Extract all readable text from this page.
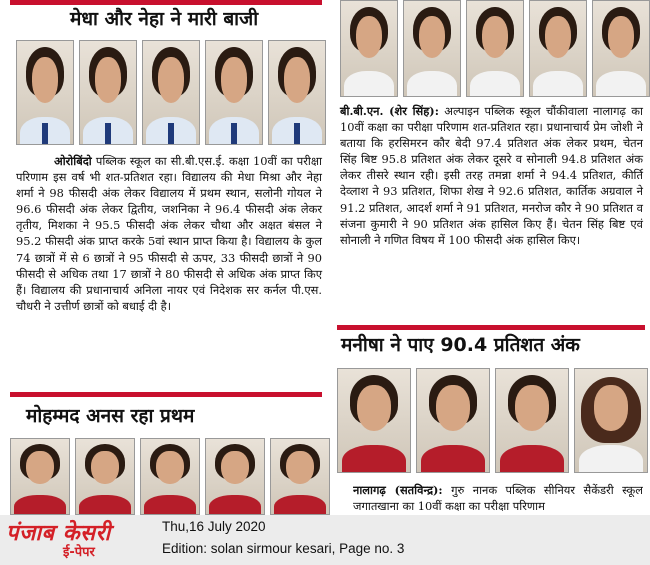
मेधा और नेहा ने मारी बाजी

ओरोबिंदो पब्लिक स्कूल का सी.बी.एस.ई. कक्षा 10वीं का परीक्षा परिणाम इस वर्ष भी शत-प्रतिशत रहा। विद्यालय की मेधा मिश्रा और नेहा शर्मा ने 98 फीसदी अंक लेकर विद्यालय में प्रथम स्थान, सलोनी गोयल ने 96.6 फीसदी अंक लेकर द्वितीय, जशनिका ने 96.4 फीसदी अंक लेकर तृतीय, मिशका ने 95.5 फीसदी अंक लेकर चौथा और अक्षत बंसल ने 95.2 फीसदी अंक प्राप्त करके 5वां स्थान प्राप्त किया है। विद्यालय के कुल 74 छात्रों में से 6 छात्रों ने 95 फीसदी से ऊपर, 33 फीसदी छात्रों ने 90 फीसदी से अधिक तथा 17 छात्रों ने 80 फीसदी से अधिक अंक प्राप्त किए हैं। विद्यालय की प्रधानाचार्य अनिला नायर एवं निदेशक सर कर्नल पी.एस. चौधरी ने उत्तीर्ण छात्रों को बधाई दी है।

मोहम्मद अनस रहा प्रथम

बी.बी.एन. (शेर सिंह): अल्पाइन पब्लिक स्कूल चौंकीवाला नालागढ़ का 10वीं कक्षा का परीक्षा परिणाम शत-प्रतिशत रहा। प्रधानाचार्य प्रेम जोशी ने बताया कि हरसिमरन कौर बेदी 97.4 प्रतिशत अंक लेकर प्रथम, चेतन सिंह बिष्ट 95.8 प्रतिशत अंक लेकर दूसरे व सोनाली 94.8 प्रतिशत अंक लेकर तीसरे स्थान रही। इसी तरह तमन्ना शर्मा ने 94.4 प्रतिशत, कीर्ति देव्लाश ने 93 प्रतिशत, शिफा शेख ने 92.6 प्रतिशत, कार्तिक अग्रवाल ने 91.2 प्रतिशत, आदर्श शर्मा ने 91 प्रतिशत, मनरोज कौर ने 90 प्रतिशत व संजना कुमारी ने 90 प्रतिशत अंक हासिल किए हैं। चेतन सिंह बिष्ट एवं सोनाली ने गणित विषय में 100 फीसदी अंक हासिल किए।

मनीषा ने पाए 90.4 प्रतिशत अंक

नालागढ़ (सतविन्द्र): गुरु नानक पब्लिक सीनियर सैकेंडरी स्कूल जगातखाना का 10वीं कक्षा का परीक्षा परिणाम

पंजाब केसरी
ई-पेपर
Thu,16 July 2020
Edition: solan sirmour kesari, Page no. 3
